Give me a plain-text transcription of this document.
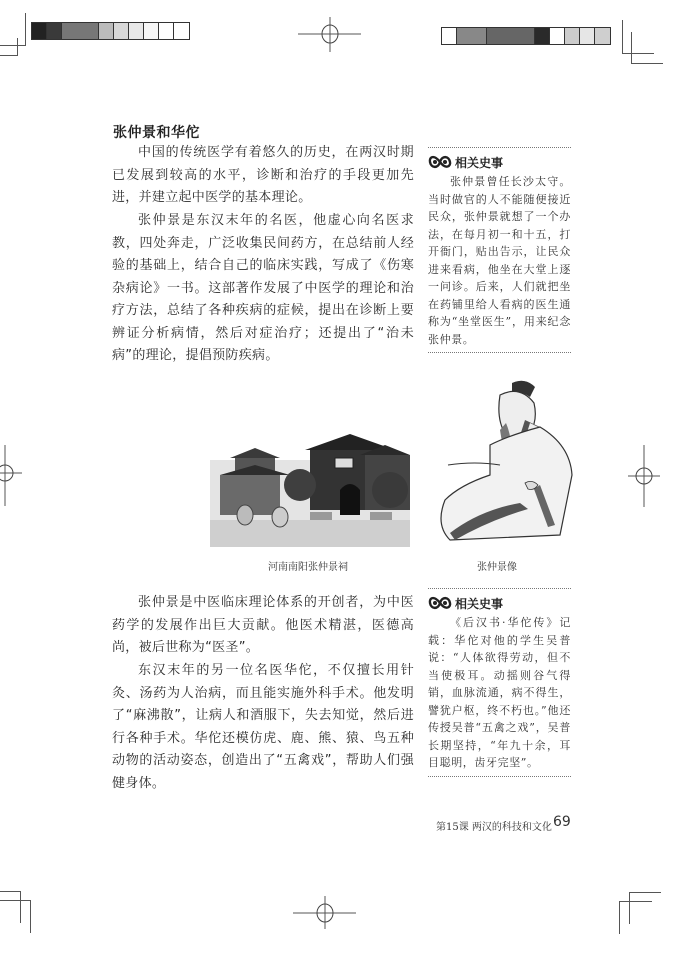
张仲景和华佗
中国的传统医学有着悠久的历史，在两汉时期已发展到较高的水平，诊断和治疗的手段更加先进，并建立起中医学的基本理论。
张仲景是东汉末年的名医，他虚心向名医求教，四处奔走，广泛收集民间药方，在总结前人经验的基础上，结合自己的临床实践，写成了《伤寒杂病论》一书。这部著作发展了中医学的理论和治疗方法，总结了各种疾病的症候，提出在诊断上要辨证分析病情，然后对症治疗；还提出了“治未病”的理论，提倡预防疾病。
张仲景是中医临床理论体系的开创者，为中医药学的发展作出巨大贡献。他医术精湛，医德高尚，被后世称为“医圣”。
东汉末年的另一位名医华佗，不仅擅长用针灸、汤药为人治病，而且能实施外科手术。他发明了“麻沸散”，让病人和酒服下，失去知觉，然后进行各种手术。华佗还模仿虎、鹿、熊、猿、鸟五种动物的活动姿态，创造出了“五禽戏”，帮助人们强健身体。
相关史事
张仲景曾任长沙太守。当时做官的人不能随便接近民众，张仲景就想了一个办法，在每月初一和十五，打开衙门，贴出告示，让民众进来看病，他坐在大堂上逐一问诊。后来，人们就把坐在药铺里给人看病的医生通称为“坐堂医生”，用来纪念张仲景。
相关史事
《后汉书·华佗传》记载：华佗对他的学生吴普说：“人体欲得劳动，但不当使极耳。动摇则谷气得销，血脉流通，病不得生，譬犹户枢，终不朽也。”他还传授吴普“五禽之戏”，吴普长期坚持，“年九十余，耳目聪明，齿牙完坚”。
河南南阳张仲景祠	张仲景像
第15课 两汉的科技和文化 69
